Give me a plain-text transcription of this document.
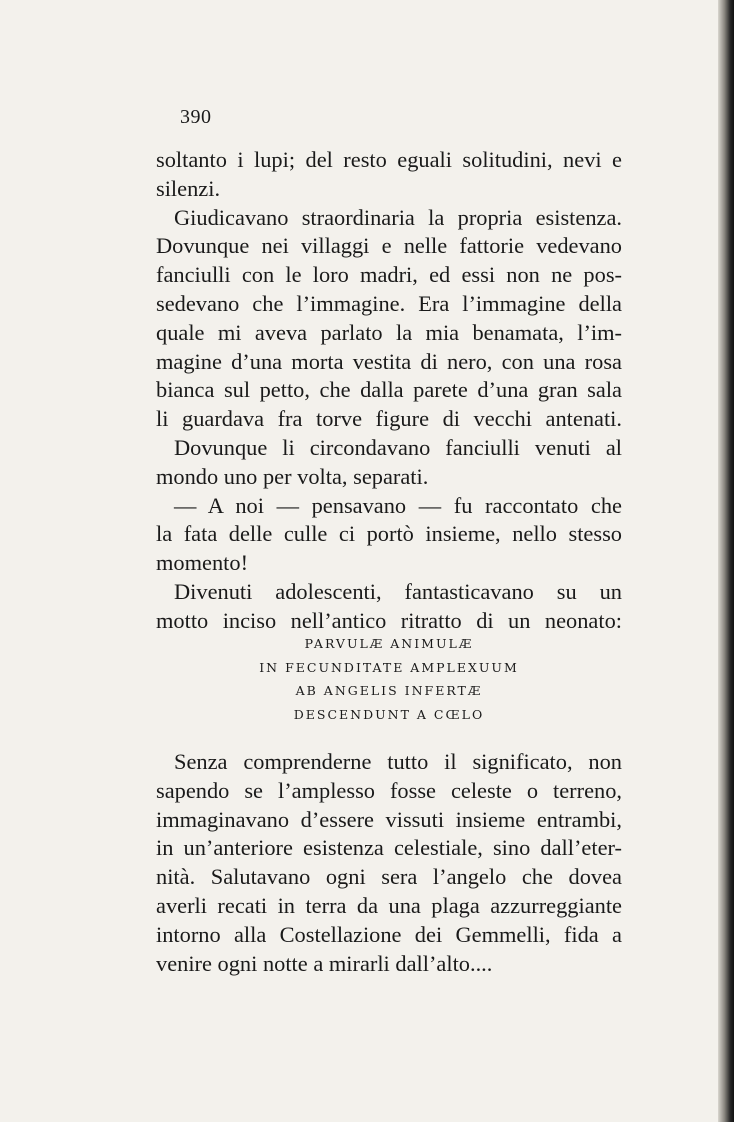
390

soltanto i lupi; del resto eguali solitudini, nevi e
silenzi.

Giudicavano straordinaria la propria esistenza.
Dovunque nei villaggi e nelle fattorie vedevano
fanciulli con le loro madri, ed essi non ne pos-
sedevano che l’immagine. Era l’immagine della
quale mi aveva parlato la mia benamata, l’im-
magine d’una morta vestita di nero, con una rosa
bianca sul petto, che dalla parete d’una gran sala
li guardava fra torve figure di vecchi antenati.

Dovunque li circondavano fanciulli venuti al
mondo uno per volta, separati.

— A noi — pensavano — fu raccontato che
la fata delle culle ci portò insieme, nello stesso
momento!

Divenuti adolescenti, fantasticavano su un
motto inciso nell’antico ritratto di un neonato:

PARVULÆ ANIMULÆ
IN FECUNDITATE AMPLEXUUM
AB ANGELIS INFERTÆ
DESCENDUNT A CŒLO

Senza comprenderne tutto il significato, non
sapendo se l’amplesso fosse celeste o terreno,
immaginavano d’essere vissuti insieme entrambi,
in un’anteriore esistenza celestiale, sino dall’eter-
nità. Salutavano ogni sera l’angelo che dovea
averli recati in terra da una plaga azzurreggiante
intorno alla Costellazione dei Gemmelli, fida a
venire ogni notte a mirarli dall’alto....
